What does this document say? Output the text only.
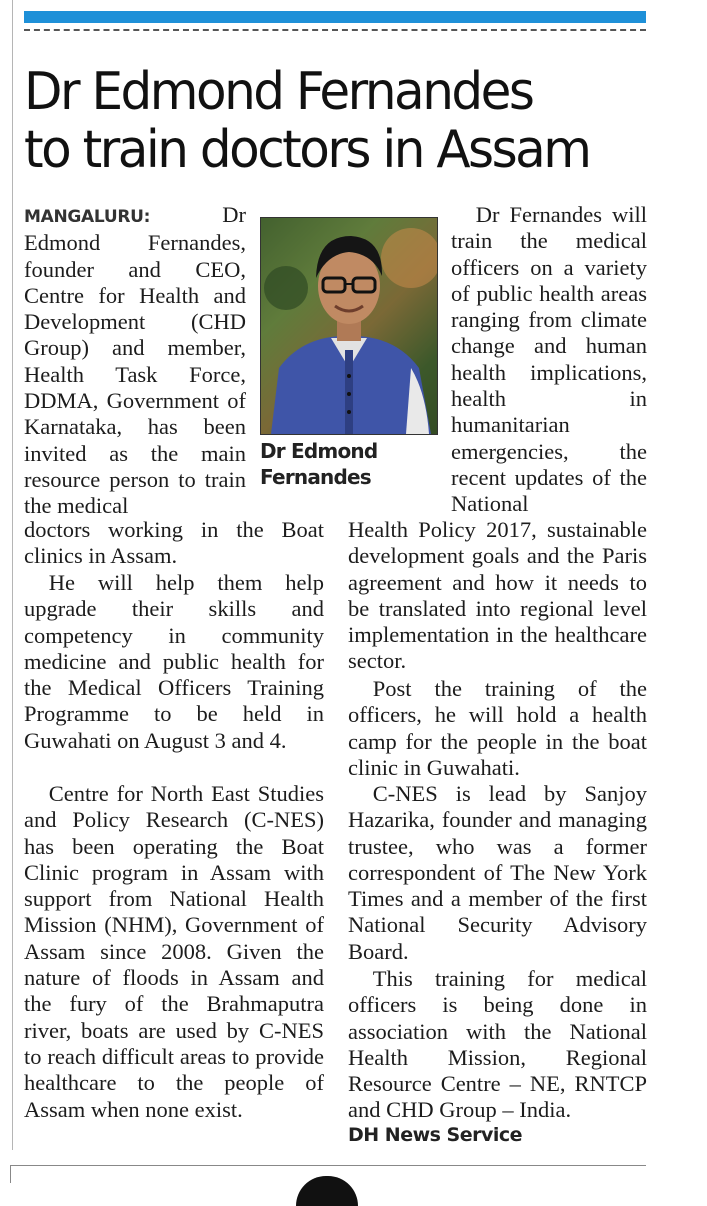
Dr Edmond Fernandes
to train doctors in Assam

MANGALURU:	Dr Edmond Fernandes, founder and CEO, Centre for Health and Development (CHD Group) and member, Health Task Force, DDMA, Government of Karnataka, has been invited as the main resource person to train the medical

Dr Edmond
Fernandes

Dr Fernandes will train the medical officers on a variety of public health areas ranging from climate change and human health implications, health in humanitarian emergencies, the recent updates of the National

doctors working in the Boat clinics in Assam.

He will help them help upgrade their skills and competency in community medicine and public health for the Medical Officers Training Programme to be held in Guwahati on August 3 and 4.

Centre for North East Studies and Policy Research (C-NES) has been operating the Boat Clinic program in Assam with support from National Health Mission (NHM), Government of Assam since 2008. Given the nature of floods in Assam and the fury of the Brahmaputra river, boats are used by C-NES to reach difficult areas to provide healthcare to the people of Assam when none exist.

Health Policy 2017, sustainable development goals and the Paris agreement and how it needs to be translated into regional level implementation in the healthcare sector.

Post the training of the officers, he will hold a health camp for the people in the boat clinic in Guwahati.

C-NES is lead by Sanjoy Hazarika, founder and managing trustee, who was a former correspondent of The New York Times and a member of the first National Security Advisory Board.

This training for medical officers is being done in association with the National Health Mission, Regional Resource Centre – NE, RNTCP and CHD Group – India.

DH News Service
